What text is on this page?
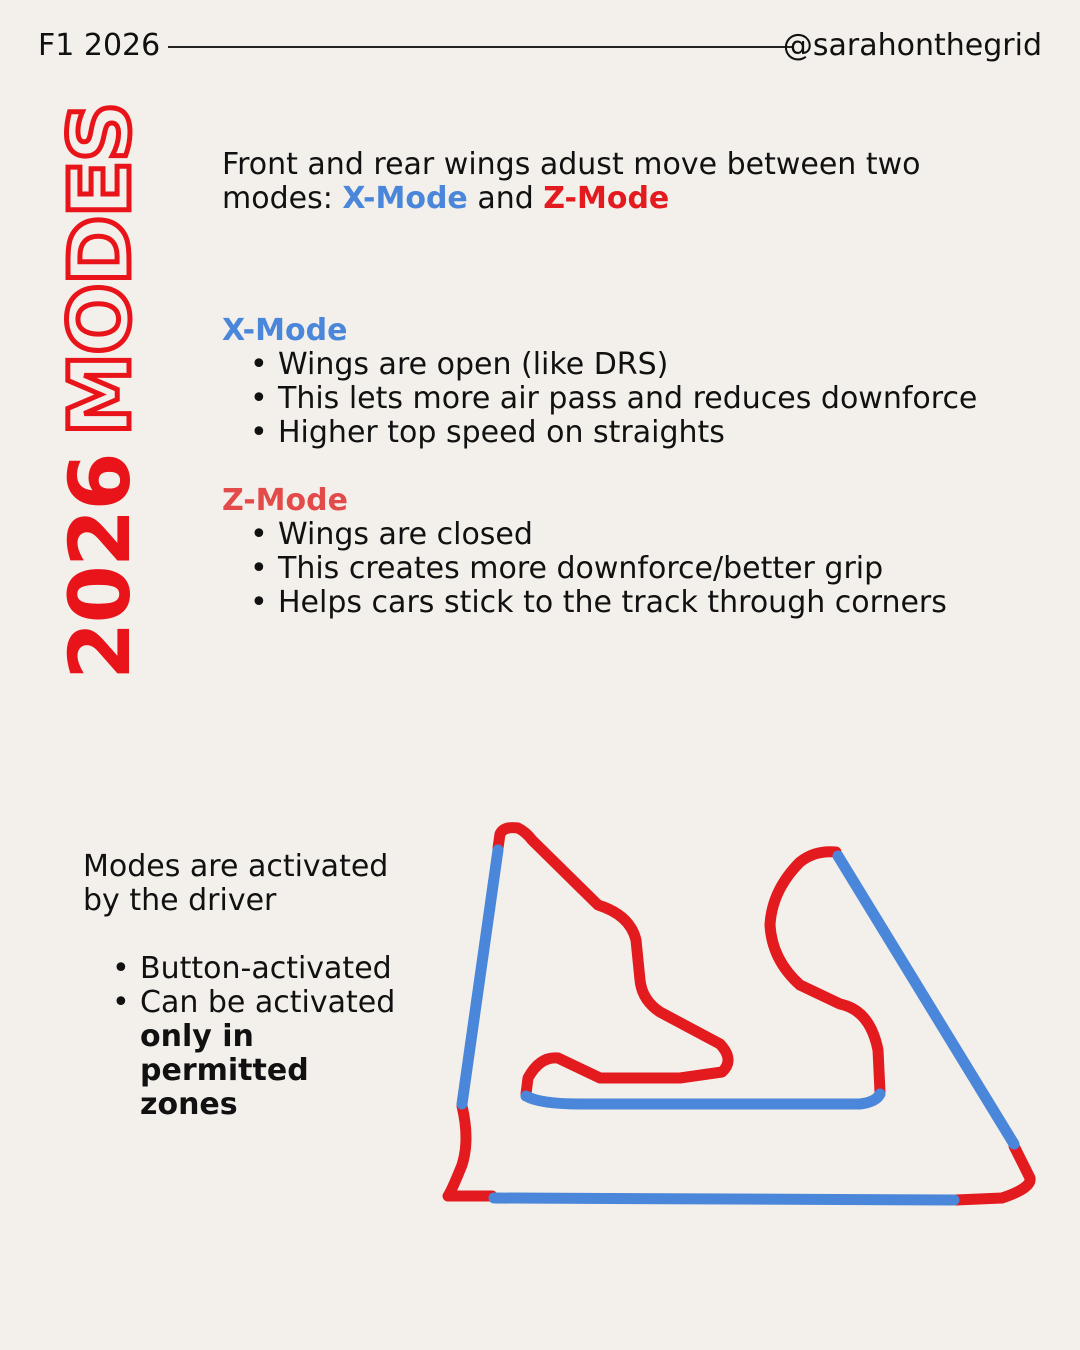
F1 2026	@sarahonthegrid
2026MODES Front and rear wings adust move between two modes: X-Mode and Z-Mode
X-Mode
• Wings are open (like DRS)
• This lets more air pass and reduces downforce
• Higher top speed on straights
Z-Mode
• Wings are closed
• This creates more downforce/better grip
• Helps cars stick to the track through corners
Modes are activated by the driver
• Button-activated
• Can be activated only in permitted zones
